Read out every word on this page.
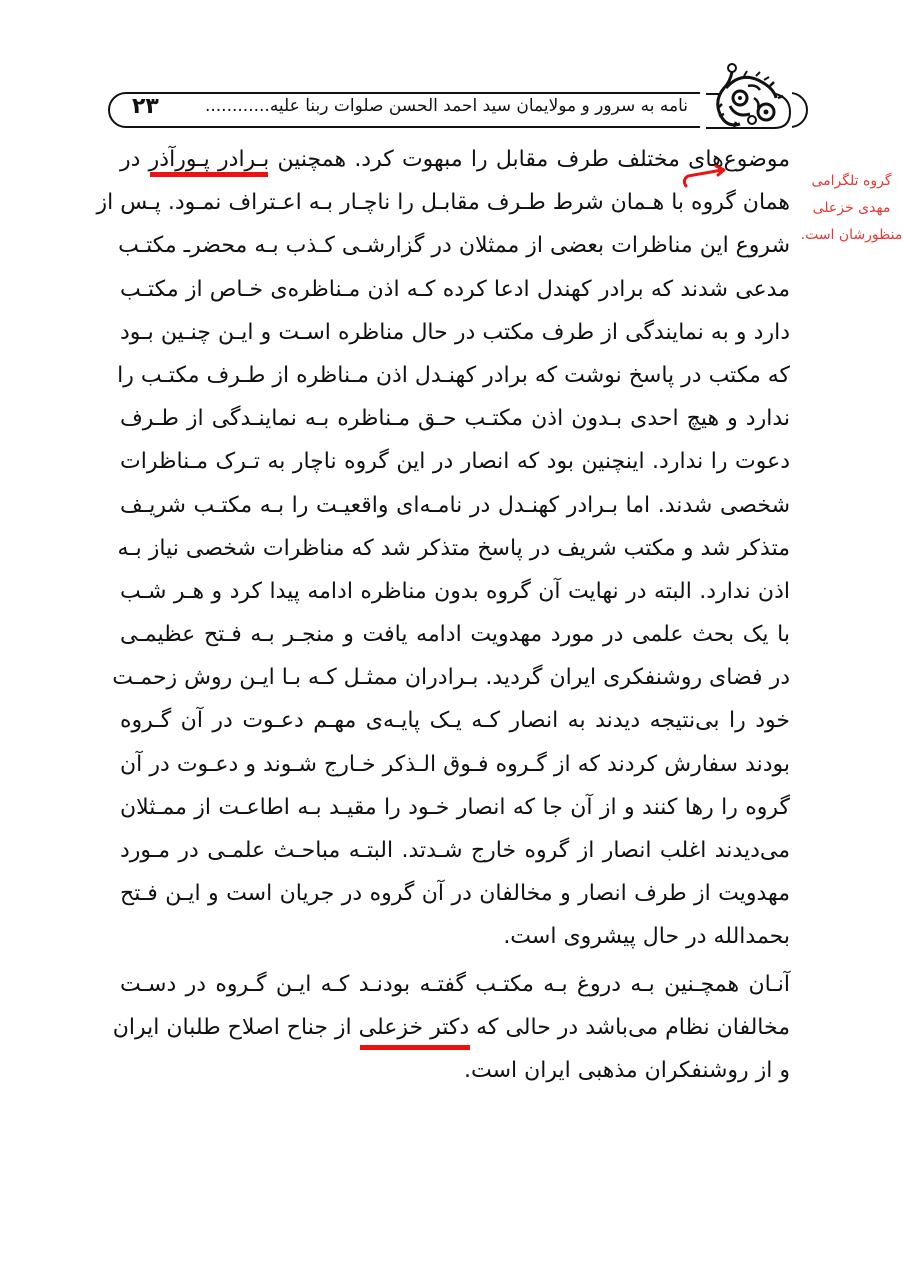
۲۳	نامه به سرور و مولایمان سید احمد الحسن صلوات ربنا علیه............
موضوع‌های مختلف طرف مقابل را مبهوت کرد. همچنین بـرادر پـورآذر در
همان گروه با هـمان شرط طـرف مقابـل را ناچـار بـه اعـتراف نمـود. پـس از
شروع این مناظرات بعضی از ممثلان در گزارشـی کـذب بـه محضرـ مکتـب
مدعی شدند که برادر کهندل ادعا کرده کـه اذن مـناظره‌ی خـاص از مکتـب
دارد و به نمایندگی از طرف مکتب در حال مناظره اسـت و ایـن چنـین بـود
که مکتب در پاسخ نوشت که برادر کهنـدل اذن مـناظره از طـرف مکتـب را
ندارد و هیچ احدی بـدون اذن مکتـب حـق مـناظره بـه نماینـدگی از طـرف
دعوت را ندارد. اینچنین بود که انصار در این گروه ناچار به تـرک مـناظرات
شخصی شدند. اما بـرادر کهنـدل در نامـه‌ای واقعیـت را بـه مکتـب شریـف
متذکر شد و مکتب شریف در پاسخ متذکر شد که مناظرات شخصی نیاز بـه
اذن ندارد. البته در نهایت آن گروه بدون مناظره ادامه پیدا کرد و هـر شـب
با یک بحث علمی در مورد مهدویت ادامه یافت و منجـر بـه فـتح عظیمـی
در فضای روشنفکری ایران گردید. بـرادران ممثـل کـه بـا ایـن روش زحمـت
خود را بی‌نتیجه دیدند به انصار کـه یـک پایـه‌ی مهـم دعـوت در آن گـروه
بودند سفارش کردند که از گـروه فـوق الـذکر خـارج شـوند و دعـوت در آن
گروه را رها کنند و از آن جا که انصار خـود را مقیـد بـه اطاعـت از ممـثلان
می‌دیدند اغلب انصار از گروه خارج شـدتد. البتـه مباحـث علمـی در مـورد
مهدویت از طرف انصار و مخالفان در آن گروه در جریان است و ایـن فـتح
بحمدالله در حال پیشروی است.
آنـان همچـنین بـه دروغ بـه مکتـب گفتـه بودنـد کـه ایـن گـروه در دسـت
مخالفان نظام می‌باشد در حالی که دکتر خزعلی از جناح اصلاح طلبان ایران
و از روشنفکران مذهبی ایران است.
گروه تلگرامی
مهدی خزعلی
منظورشان است.
